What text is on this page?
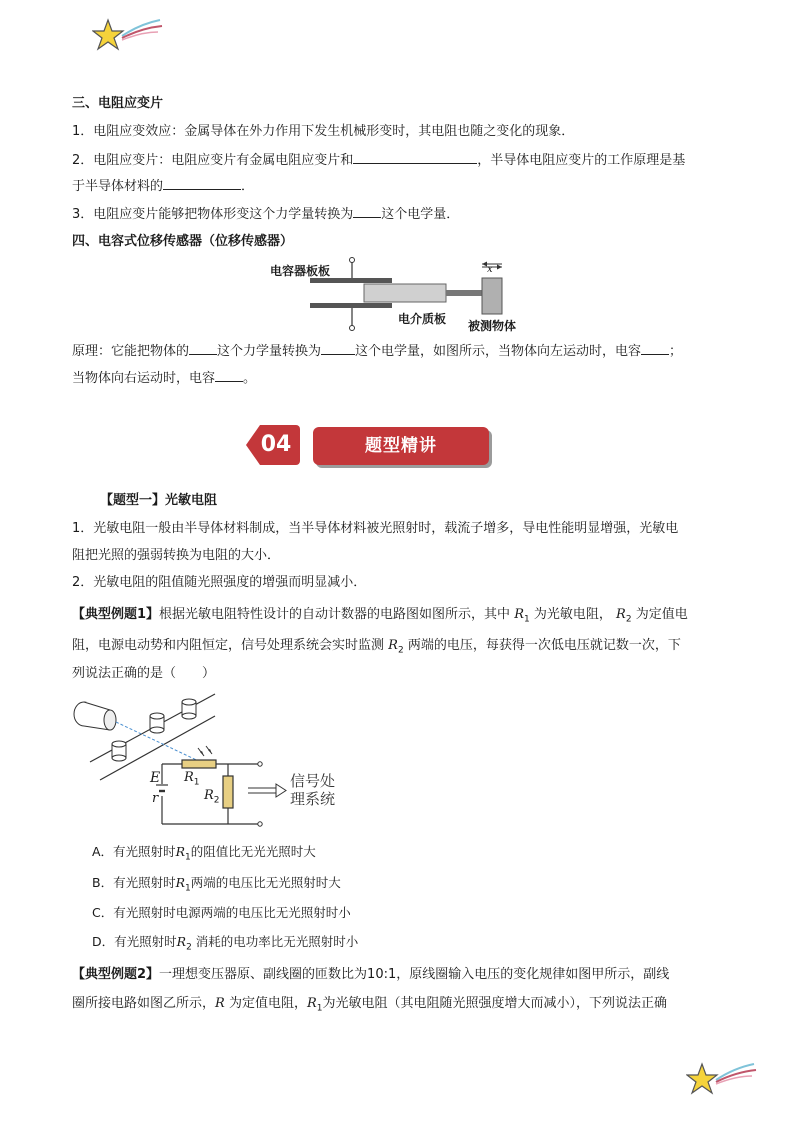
三、电阻应变片
1．电阻应变效应：金属导体在外力作用下发生机械形变时，其电阻也随之变化的现象．
2．电阻应变片：电阻应变片有金属电阻应变片和	，半导体电阻应变片的工作原理是基
于半导体材料的	．
3．电阻应变片能够把物体形变这个力学量转换为 这个电学量．
四、电容式位移传感器（位移传感器）
x
电容器板板
电介质板 被测物体
原理：它能把物体的 这个力学量转换为	这个电学量，如图所示，当物体向左运动时，电容 ；
当物体向右运动时，电容 。
04	题型精讲
【题型一】光敏电阻
1．光敏电阻一般由半导体材料制成，当半导体材料被光照射时，载流子增多，导电性能明显增强，光敏电
阻把光照的强弱转换为电阻的大小．
2．光敏电阻的阻值随光照强度的增强而明显减小．
【典型例题1】根据光敏电阻特性设计的自动计数器的电路图如图所示，其中 $R_1$ 为光敏电阻， $R_2$ 为定值电
阻，电源电动势和内阻恒定，信号处理系统会实时监测 $R_2$ 两端的电压，每获得一次低电压就记数一次，下
列说法正确的是（　　）
E
r
$R_1$
$R_2$
信号处
理系统
A．有光照射时$R_1$的阻值比无光光照时大
B．有光照射时$R_1$两端的电压比无光照射时大
C．有光照射时电源两端的电压比无光照射时小
D．有光照射时$R_2$ 消耗的电功率比无光照射时小
【典型例题2】一理想变压器原、副线圈的匝数比为10:1，原线圈输入电压的变化规律如图甲所示，副线
圈所接电路如图乙所示，R 为定值电阻，$R_1$为光敏电阻（其电阻随光照强度增大而减小），下列说法正确
